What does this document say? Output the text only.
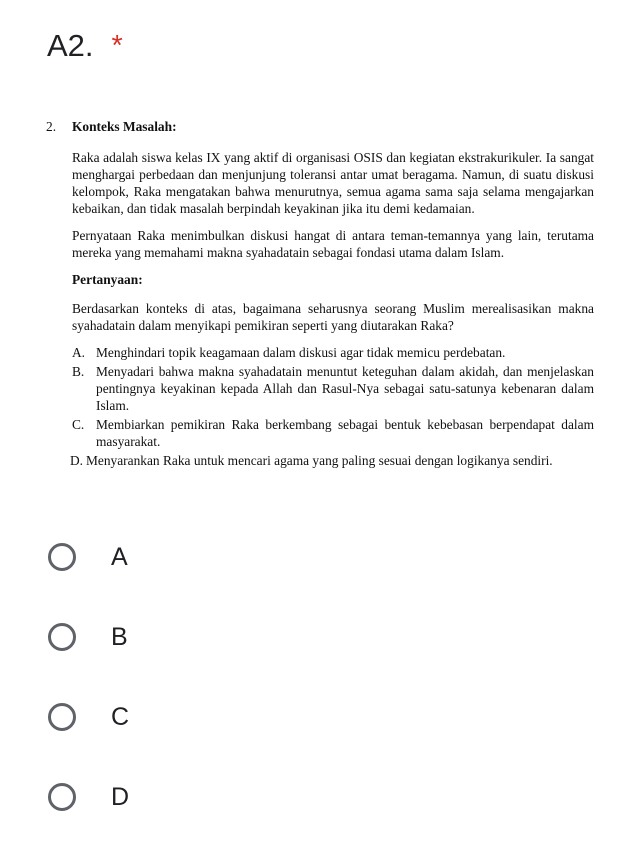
A2. *
2.	Konteks Masalah:

Raka adalah siswa kelas IX yang aktif di organisasi OSIS dan kegiatan ekstrakurikuler. Ia sangat menghargai perbedaan dan menjunjung toleransi antar umat beragama. Namun, di suatu diskusi kelompok, Raka mengatakan bahwa menurutnya, semua agama sama saja selama mengajarkan kebaikan, dan tidak masalah berpindah keyakinan jika itu demi kedamaian.

Pernyataan Raka menimbulkan diskusi hangat di antara teman-temannya yang lain, terutama mereka yang memahami makna syahadatain sebagai fondasi utama dalam Islam.

Pertanyaan:

Berdasarkan konteks di atas, bagaimana seharusnya seorang Muslim merealisasikan makna syahadatain dalam menyikapi pemikiran seperti yang diutarakan Raka?

A. Menghindari topik keagamaan dalam diskusi agar tidak memicu perdebatan.
B. Menyadari bahwa makna syahadatain menuntut keteguhan dalam akidah, dan menjelaskan pentingnya keyakinan kepada Allah dan Rasul-Nya sebagai satu-satunya kebenaran dalam Islam.
C. Membiarkan pemikiran Raka berkembang sebagai bentuk kebebasan berpendapat dalam masyarakat.
D. Menyarankan Raka untuk mencari agama yang paling sesuai dengan logikanya sendiri.
A
B
C
D
